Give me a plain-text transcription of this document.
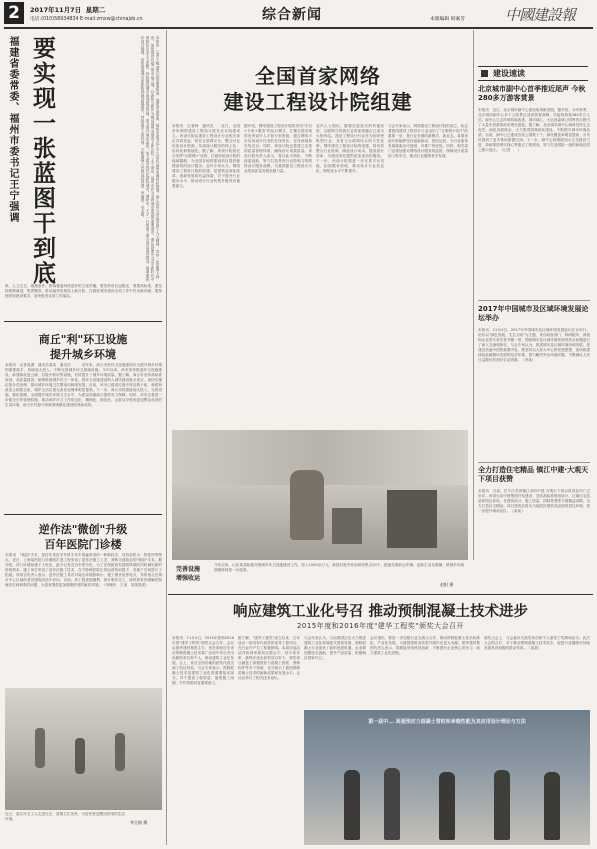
2	2017年11月7日 星期二
电话:(010)58934834 E-mail:zmxw@chinajsb.cn	综合新闻	本版编辑 韩素芳	中國建設報
福建省委常委、福州市委书记王宁强调 要实现一张蓝图干到底	本报讯　记者王敏 通讯员郑豪燕报道　福建省委常委、福州市委书记王宁日前在福州市调研时强调，要认真学习贯彻党的十九大精神，坚持一张蓝图干到底，加快建设有福之州幸福之城，以新担当新作为推动福州发展再上新台阶。王宁指出，福州市作为全国城市建设的重要城市，要认真落实习近平新时代中国特色社会主义思想，持续推进城市规划建设管理，着力提升城市品质，努力建设现代化国际城市。调研中，王宁一行察看了重点项目建设情况，强调要抓好项目落地，加快推进城市更新和基础设施建设，持续改善人居环境，不断增强人民群众获得感、幸福感、安全感。
核、人文生态、地理条件，影响着福州得更好的文化传播，要坚持用长远眼光，要提高标准，要坚持统筹谋划，集思聚智，推动福州发展再上新台阶，在做好城市建设各项工作中作出新贡献。要按照规划建设要求，加快推进各项工作落实。
商丘"利"环卫设施
提升城乡环境
本报讯　记者周潇　通讯员周某　通讯员　　　近年来，商丘市把环卫设施建设作为提升城乡环境的重要抓手，持续加大投入，不断完善城乡环卫基础设施。今年以来，该市加快推进环卫设施建设，新建和改造公厕、垃圾中转站等设施，有效提升了城乡环境质量。据了解，商丘市坚持高标准规划、高质量建设，统筹推进城乡环卫一体化，将环卫设施建设纳入城市建设重点项目，加快实施垃圾分类处理，推动城乡环境卫生整治向纵深发展。目前，该市已建成垃圾中转站数十座，新建和改造公厕数百座，城乡生活垃圾无害化处理率明显提高。下一步，商丘市将继续加大投入，完善设施，强化管理，全面提升城乡环境卫生水平，为建设美丽商丘提供有力保障。同时，该市还将进一步健全长效管理机制，推动城乡环卫工作常态化、精细化、规范化，让群众享受到更加整洁优美的生活环境，助力乡村振兴和新型城镇化建设取得新成效。
逆作法"微创"升级
百年医院门诊楼
本报讯　"微创"手术，是近年来医学外科手术中普遍采用的一种新技术，具有创伤小、恢复快等特点。近日，上海某医院门诊楼改扩建工程采用了逆作法施工工艺，被称为建筑业的"微创"手术。据介绍，该门诊楼始建于上世纪，距今已有近百年的历史，为了在保留原有建筑风貌的同时满足新的使用需求，施工单位采用了逆作法施工技术，在不影响医院正常运营的前提下，对地下空间进行了拓展。该项目负责人表示，逆作法施工具有对周边环境影响小、施工噪音低等优点，非常适合在城市中心区域的老旧建筑改造中应用。目前，该工程进展顺利，预计明年完工，届时将有效缓解医院就诊空间紧张的问题，为患者提供更加便捷舒适的就医环境。（李晓东　王某　刘某报道）
近日，某区环卫工人走进社区，清理卫生死角，为居民营造整洁舒适的生活环境。
李全钢 摄
全国首家网络
建设工程设计院组建
本报讯　记者韩　通讯员　　近日，全国首家网络建设工程设计院在北京组建成立。该设计院由建设工程设计行业相关单位共同发起，依托互联网平台，整合行业优质设计资源，实现设计服务的线上化、协同化和智能化。据了解，该设计院将充分发挥"互联网+"优势，打破传统设计院的地域限制，为全国各地的建设项目提供便捷高效的设计服务。业内专家认为，网络建设工程设计院的组建，是建筑业深化改革、创新发展的有益探索，对于提升行业服务水平、推动设计行业转型升级具有重要意义。
据介绍，网络建设工程设计院将采用"平台+专家+服务"的运行模式，汇聚全国各地的优秀设计人才和专家资源，通过网络平台实现设计任务的在线发布、在线承接和在线交付。同时，该设计院还将建立完善的质量管理体系，确保设计成果质量。该设计院负责人表示，将以此为契机，不断探索创新，努力打造具有行业影响力的网络设计服务品牌，为我国建设工程设计行业的高质量发展贡献力量。
业内人士指出，随着信息技术的快速发展，互联网与传统行业的深度融合已成为大势所趋。建设工程设计行业作为知识密集型行业，具有与互联网结合的天然优势。网络建设工程设计院的组建，将有效整合行业资源，降低设计成本，提高设计效率，为建设单位提供更加优质的服务。下一步，该设计院将进一步完善平台功能，拓展服务领域，推动设计行业信息化、网络化水平不断提升。
与会专家表示，网络建设工程设计院的成立，标志着我国建设工程设计行业迈出了"互联网+设计"的重要一步，是行业发展的新模式、新业态。希望该设计院能够坚持创新驱动，规范运营，为行业改革发展探索出可复制、可推广的经验。同时，相关部门也将加强对网络设计服务的监管，保障设计质量和工程安全，推动行业健康有序发展。
完善设施
增强收运
今年以来，山东某县积极开展城乡环卫设施建设工作，投入1000余万元，新建垃圾中转站和收集点20个，配备垃圾收运车辆，更新生活垃圾桶，使城乡环境面貌得到进一步改善。
赵阳 摄
建设速读
北京城市副中心首季推近尾声 今秋280多万游客赏景
本报讯　近日，北京城市副中心建设取得新进展。据介绍，今年秋季，北京城市副中心多个公园景区迎来游客高峰，共接待游客280多万人次。副中心生态环境持续改善，城市绿心、大运河森林公园等景点吸引了大量市民游客前来观光游览。据了解，北京城市副中心始终坚持生态优先、绿色发展理念，大力推进园林绿化建设，不断提升城市环境品质。目前，副中心已建成各类公园数十个，绿化覆盖率明显提高，为市民提供了更多休闲游憩空间。下一步，副中心将继续加大生态建设力度，持续推进城市绿心等重点工程建设，努力打造国际一流的和谐宜居之都示范区。（记者　　）
2017年中国城市及区域环境发展论坛举办
本报讯　11月4日，2017年中国城市及区域环境发展论坛在京举行。论坛以"绿色发展、生态文明"为主题，来自政府部门、科研院所、高校和企业的专家学者齐聚一堂，围绕城市及区域环境发展的热点问题进行了深入交流和探讨。与会专家认为，推进城市及区域环境协调发展，是建设美丽中国的重要内容，要坚持以人民为中心的发展思想，加快构建绿色低碳循环发展的经济体系，着力解决突出环境问题，不断满足人民日益增长的美好生活需要。（李某）
全力打造住宅精品 镇江中建·大观天下项目获赞
本报讯　日前，位于江苏省镇江市的中建·大观天下项目获得业内广泛好评。该项目由中建集团开发建设，坚持高标准规划设计，注重住宅品质和居住体验，在建筑设计、施工质量、园林景观等方面精益求精，全力打造住宅精品。项目建成后将为当地居民提供高品质的居住环境，进一步提升城市品位。（某某）
响应建筑工业化号召 推动预制混凝土技术进步
2015年度和2016年度"建华工程奖"颁奖大会召开
本报讯　11月4日，2015年度和2016年度"建华工程奖"颁奖大会召开。会议由建华建材集团主办，旨在表彰近年来在预制混凝土技术推广应用中作出突出贡献的单位和个人，推动建筑工业化发展。会上，来自全国各地的获奖代表交流了项目经验。与会专家表示，预制混凝土技术是建筑工业化的重要组成部分，对于提高工程质量、缩短施工周期、节约资源具有重要意义。
据了解，"建华工程奖"设立以来，已评选出一批具有代表性的优秀工程项目，在行业内产生了积极影响。本届评选活动共收到申报项目数百个，经专家评审，最终评选出获奖项目若干。获奖项目涵盖了高强预应力混凝土管桩、预制构件等多个领域，充分展示了我国预制混凝土技术的最新成果和发展水平。会议还举行了相关技术论坛。
与会代表认为，当前我国正在大力推进建筑工业化和装配式建筑发展，预制混凝土行业迎来了新的发展机遇。企业要加强技术创新，提升产品质量，积极响应国家号召。
会议指出，要进一步加强行业交流与合作，推动预制混凝土技术标准化、产业化发展，为我国建筑业转型升级作出更大贡献。建华建材集团负责人表示，将继续坚持科技创新，不断提升企业核心竞争力，助力建筑工业化进程。
颁奖大会上，与会嘉宾为获奖单位和个人颁发了奖牌和证书。此次大会的召开，对于推动预制混凝土技术进步，促进行业健康可持续发展具有积极的推动作用。（某某）
第一届中... 高强预应力混凝土管桩和承载性能及其应用设计理论与方法
